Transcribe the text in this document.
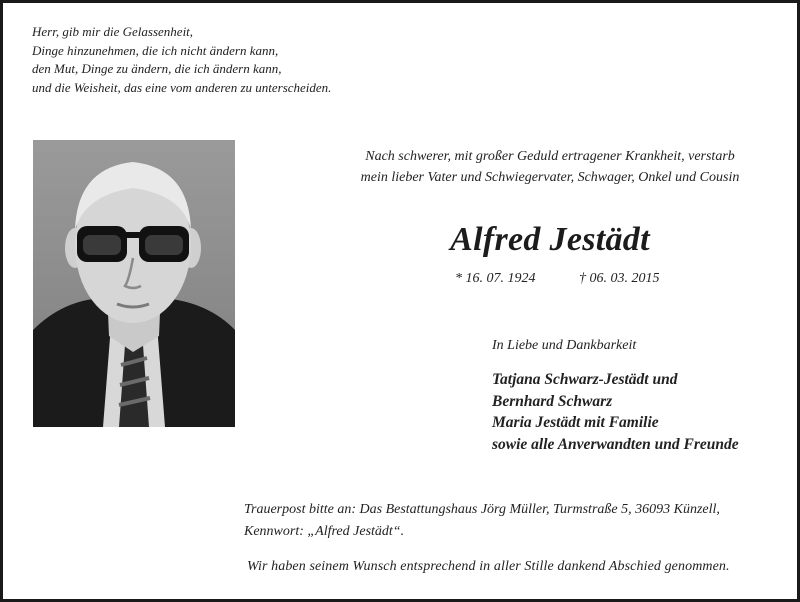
Herr, gib mir die Gelassenheit,
Dinge hinzunehmen, die ich nicht ändern kann,
den Mut, Dinge zu ändern, die ich ändern kann,
und die Weisheit, das eine vom anderen zu unterscheiden.
Nach schwerer, mit großer Geduld ertragener Krankheit, verstarb
mein lieber Vater und Schwiegervater, Schwager, Onkel und Cousin
Alfred Jestädt
* 16. 07. 1924	† 06. 03. 2015
In Liebe und Dankbarkeit
Tatjana Schwarz-Jestädt und
Bernhard Schwarz
Maria Jestädt mit Familie
sowie alle Anverwandten und Freunde
Trauerpost bitte an: Das Bestattungshaus Jörg Müller, Turmstraße 5, 36093 Künzell,
Kennwort: „Alfred Jestädt“.
Wir haben seinem Wunsch entsprechend in aller Stille dankend Abschied genommen.
